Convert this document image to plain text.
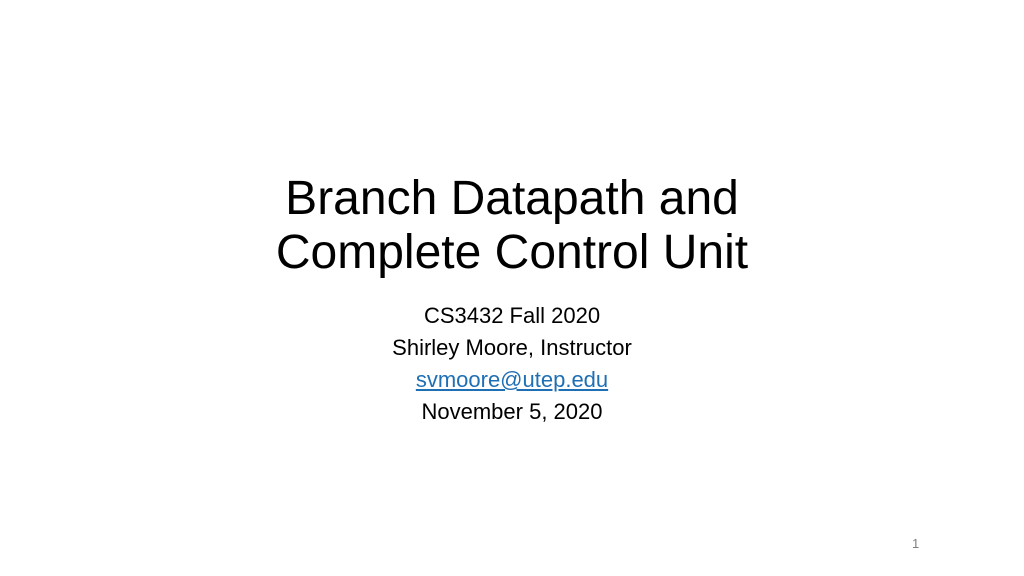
Branch Datapath and
Complete Control Unit
CS3432 Fall 2020
Shirley Moore, Instructor
svmoore@utep.edu
November 5, 2020
1
